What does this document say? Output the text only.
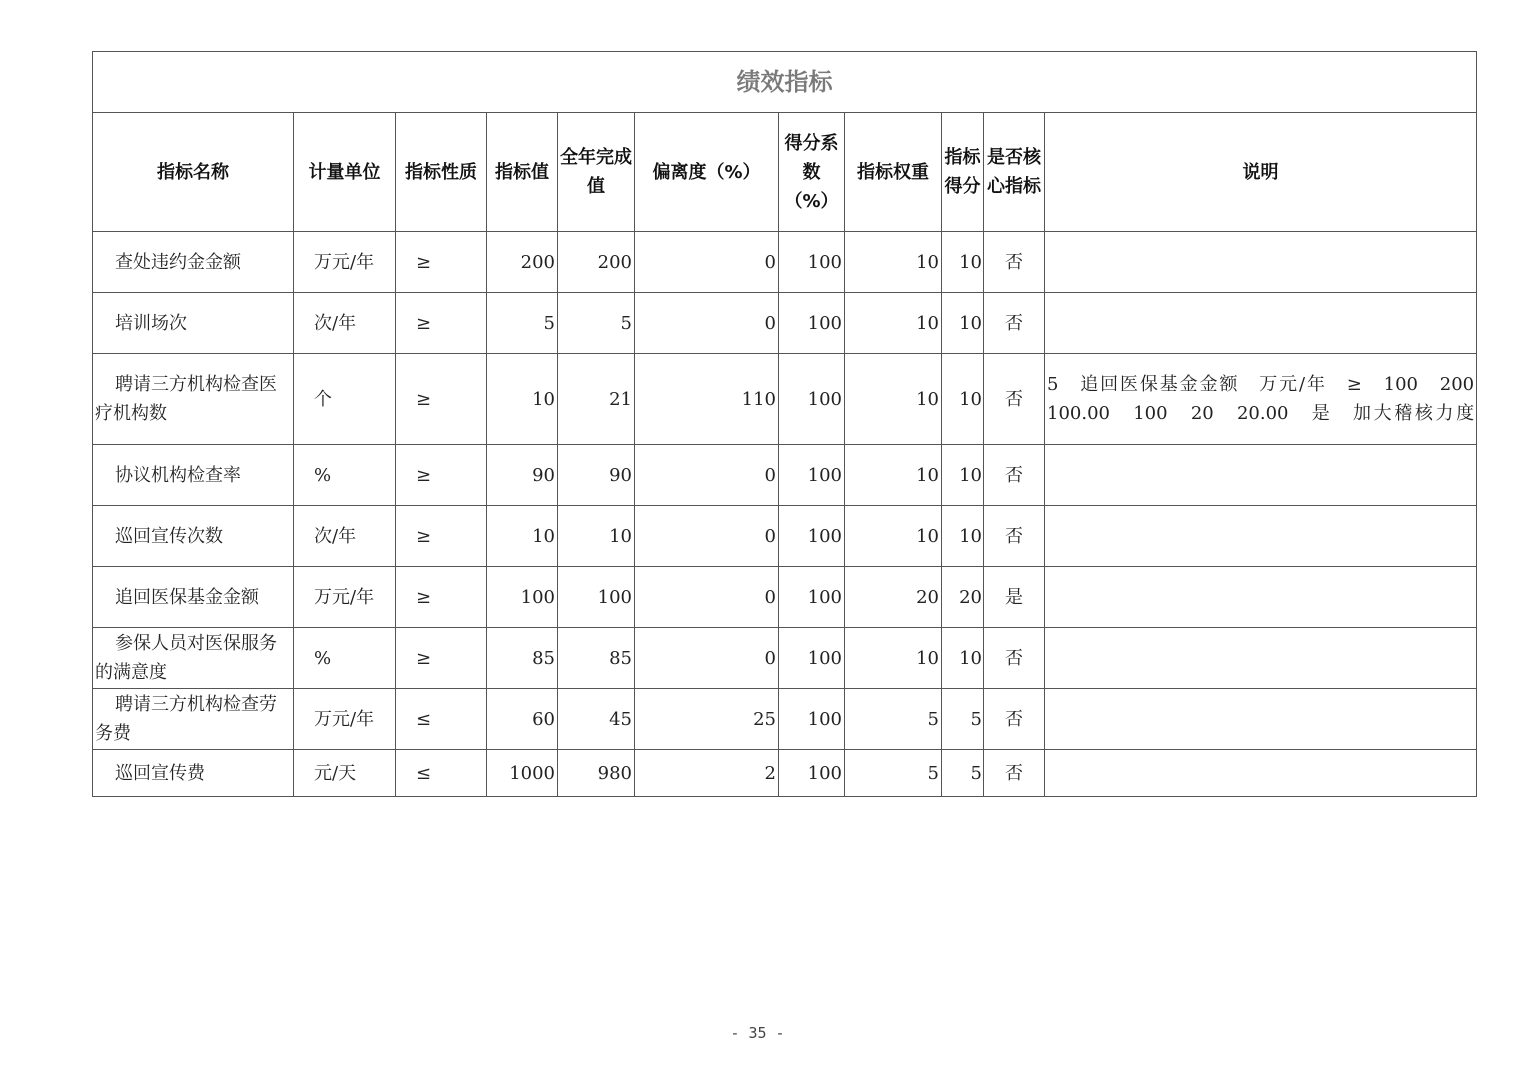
绩效指标										
指标名称	计量单位	指标性质	指标值	全年完成值	偏离度（%）	得分系数（%）	指标权重	指标得分	是否核心指标	说明
查处违约金金额	万元/年	≥	200	200	0	100	10	10	否	
培训场次	次/年	≥	5	5	0	100	10	10	否	
聘请三方机构检查医疗机构数	个	≥	10	21	110	100	10	10	否	5　追回医保基金金额　万元/年　≥　100　200　100.00　100　20　20.00　是　加大稽核力度
协议机构检查率	%	≥	90	90	0	100	10	10	否	
巡回宣传次数	次/年	≥	10	10	0	100	10	10	否	
追回医保基金金额	万元/年	≥	100	100	0	100	20	20	是	
参保人员对医保服务的满意度	%	≥	85	85	0	100	10	10	否	
聘请三方机构检查劳务费	万元/年	≤	60	45	25	100	5	5	否	
巡回宣传费	元/天	≤	1000	980	2	100	5	5	否	
- 35 -
